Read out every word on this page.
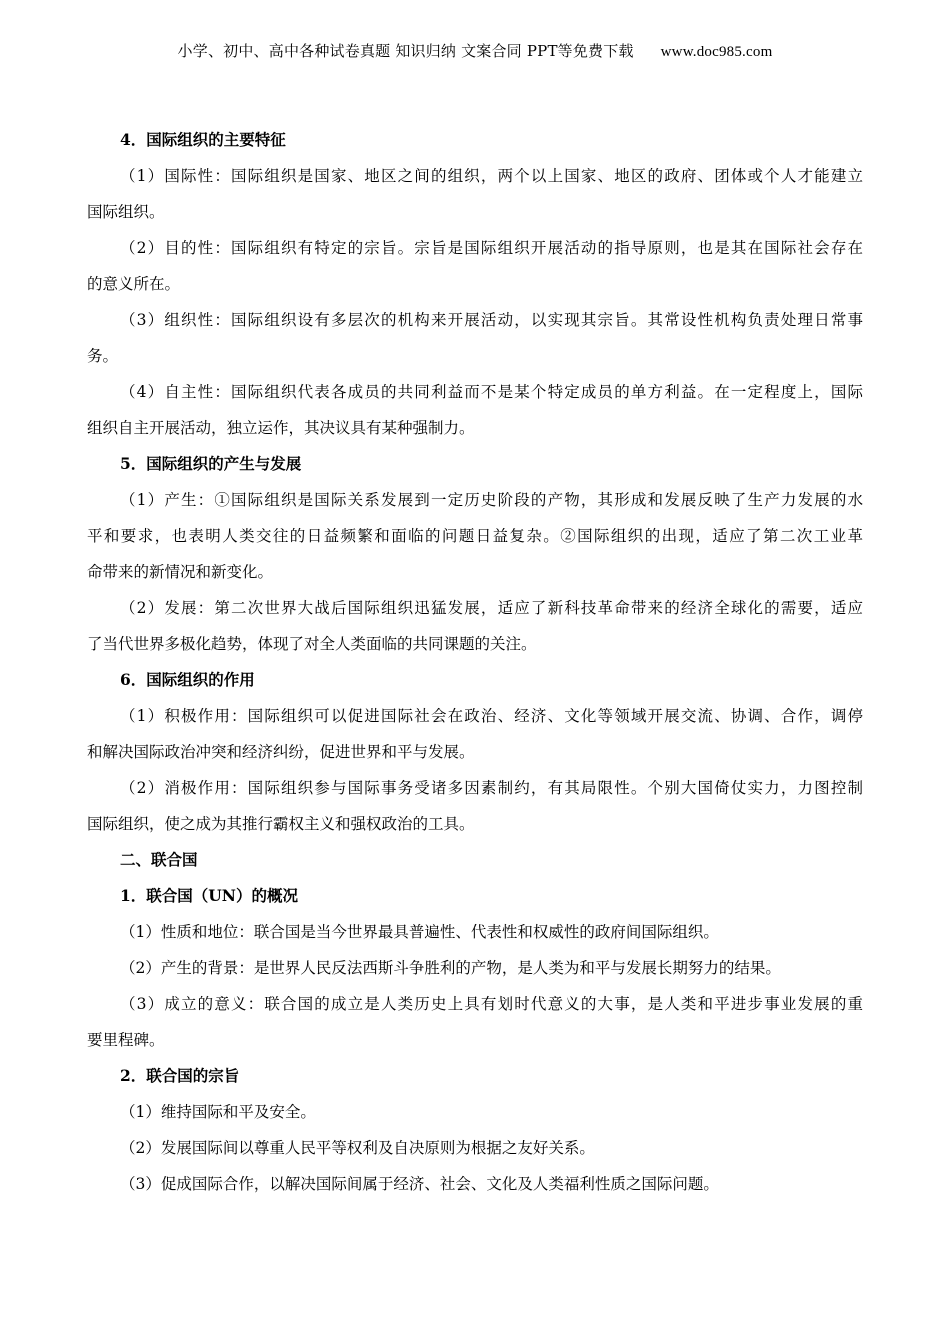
小学、初中、高中各种试卷真题 知识归纳 文案合同 PPT等免费下载 www.doc985.com
4．国际组织的主要特征
（1）国际性：国际组织是国家、地区之间的组织，两个以上国家、地区的政府、团体或个人才能建立
国际组织。
（2）目的性：国际组织有特定的宗旨。宗旨是国际组织开展活动的指导原则，也是其在国际社会存在
的意义所在。
（3）组织性：国际组织设有多层次的机构来开展活动，以实现其宗旨。其常设性机构负责处理日常事
务。
（4）自主性：国际组织代表各成员的共同利益而不是某个特定成员的单方利益。在一定程度上，国际
组织自主开展活动，独立运作，其决议具有某种强制力。
5．国际组织的产生与发展
（1）产生：①国际组织是国际关系发展到一定历史阶段的产物，其形成和发展反映了生产力发展的水
平和要求，也表明人类交往的日益频繁和面临的问题日益复杂。②国际组织的出现，适应了第二次工业革
命带来的新情况和新变化。
（2）发展：第二次世界大战后国际组织迅猛发展，适应了新科技革命带来的经济全球化的需要，适应
了当代世界多极化趋势，体现了对全人类面临的共同课题的关注。
6．国际组织的作用
（1）积极作用：国际组织可以促进国际社会在政治、经济、文化等领域开展交流、协调、合作，调停
和解决国际政治冲突和经济纠纷，促进世界和平与发展。
（2）消极作用：国际组织参与国际事务受诸多因素制约，有其局限性。个别大国倚仗实力，力图控制
国际组织，使之成为其推行霸权主义和强权政治的工具。
二、联合国
1．联合国（UN）的概况
（1）性质和地位：联合国是当今世界最具普遍性、代表性和权威性的政府间国际组织。
（2）产生的背景：是世界人民反法西斯斗争胜利的产物，是人类为和平与发展长期努力的结果。
（3）成立的意义：联合国的成立是人类历史上具有划时代意义的大事，是人类和平进步事业发展的重
要里程碑。
2．联合国的宗旨
（1）维持国际和平及安全。
（2）发展国际间以尊重人民平等权利及自决原则为根据之友好关系。
（3）促成国际合作，以解决国际间属于经济、社会、文化及人类福利性质之国际问题。
